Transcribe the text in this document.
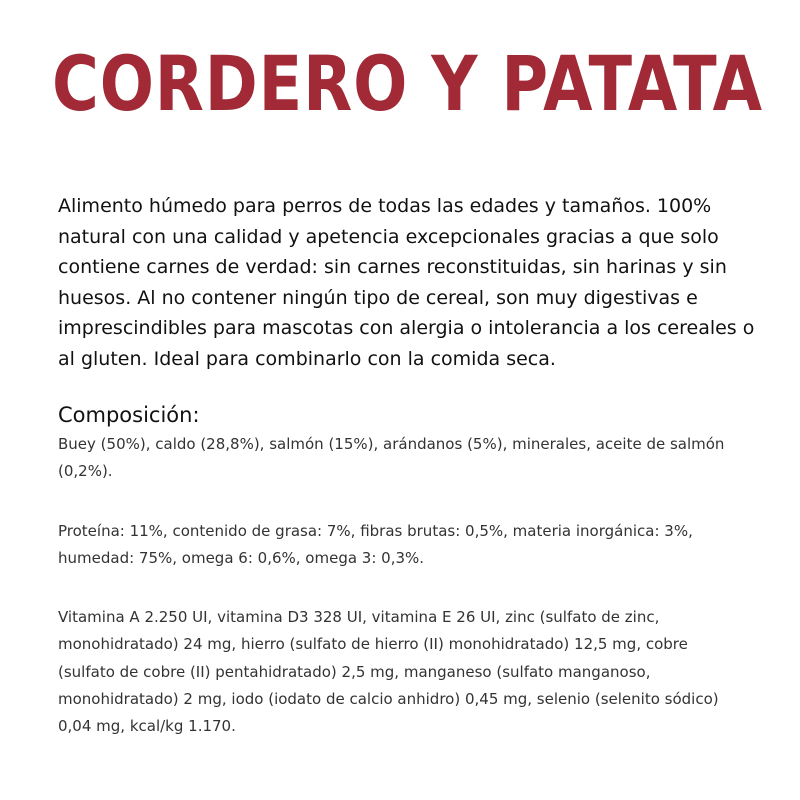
CORDERO Y PATATA

Alimento húmedo para perros de todas las edades y tamaños. 100% natural con una calidad y apetencia excepcionales gracias a que solo contiene carnes de verdad: sin carnes reconstituidas, sin harinas y sin huesos. Al no contener ningún tipo de cereal, son muy digestivas e imprescindibles para mascotas con alergia o intolerancia a los cereales o al gluten. Ideal para combinarlo con la comida seca.

Composición:

Buey (50%), caldo (28,8%), salmón (15%), arándanos (5%), minerales, aceite de salmón (0,2%).

Proteína: 11%, contenido de grasa: 7%, fibras brutas: 0,5%, materia inorgánica: 3%, humedad: 75%, omega 6: 0,6%, omega 3: 0,3%.

Vitamina A 2.250 UI, vitamina D3 328 UI, vitamina E 26 UI, zinc (sulfato de zinc, monohidratado) 24 mg, hierro (sulfato de hierro (II) monohidratado) 12,5 mg, cobre (sulfato de cobre (II) pentahidratado) 2,5 mg, manganeso (sulfato manganoso, monohidratado) 2 mg, iodo (iodato de calcio anhidro) 0,45 mg, selenio (selenito sódico) 0,04 mg, kcal/kg 1.170.
